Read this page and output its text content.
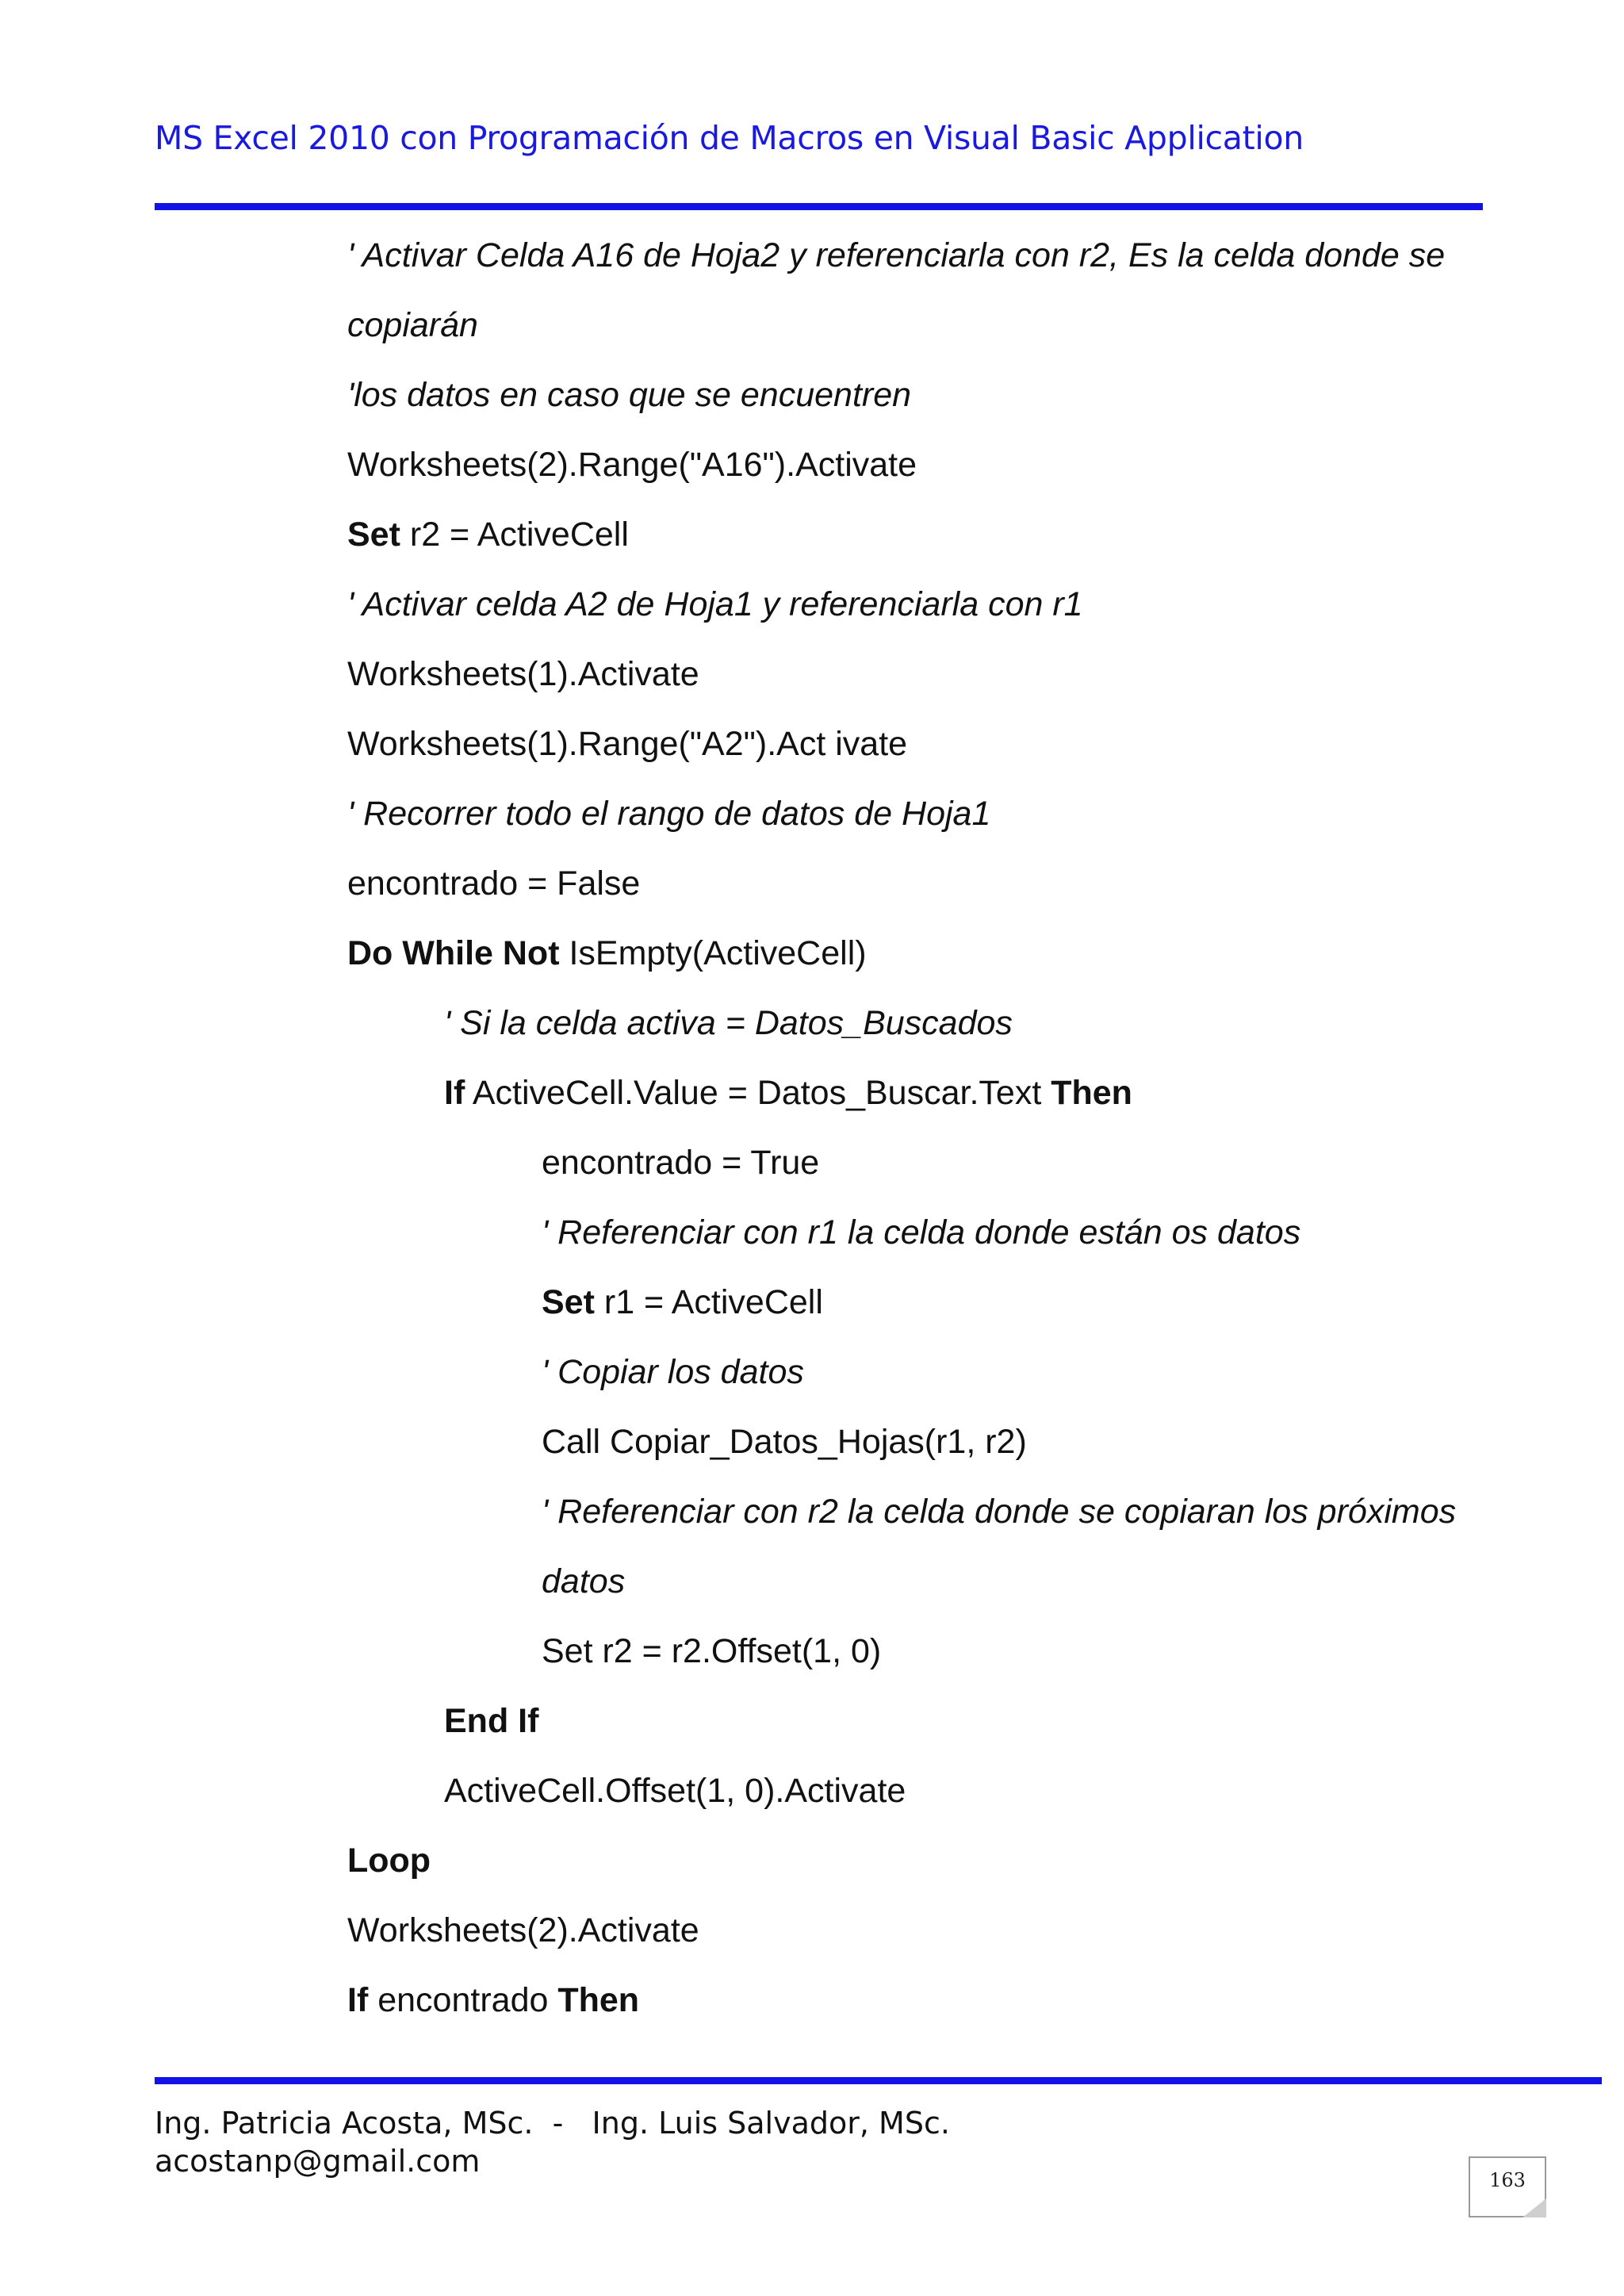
MS Excel 2010 con Programación de Macros en Visual Basic Application
' Activar Celda A16 de Hoja2 y referenciarla con r2, Es la celda donde se
copiarán
'los datos en caso que se encuentren
Worksheets(2).Range("A16").Activate
Set r2 = ActiveCell
' Activar celda A2 de Hoja1 y referenciarla con r1
Worksheets(1).Activate
Worksheets(1).Range("A2").Act ivate
' Recorrer todo el rango de datos de Hoja1
encontrado = False
Do While Not IsEmpty(ActiveCell)
' Si la celda activa = Datos_Buscados
If ActiveCell.Value = Datos_Buscar.Text Then
encontrado = True
' Referenciar con r1 la celda donde están os datos
Set r1 = ActiveCell
' Copiar los datos
Call Copiar_Datos_Hojas(r1, r2)
' Referenciar con r2 la celda donde se copiaran los próximos
datos
Set r2 = r2.Offset(1, 0)
End If
ActiveCell.Offset(1, 0).Activate
Loop
Worksheets(2).Activate
If encontrado Then
Ing. Patricia Acosta, MSc.  -   Ing. Luis Salvador, MSc.
acostanp@gmail.com
163
